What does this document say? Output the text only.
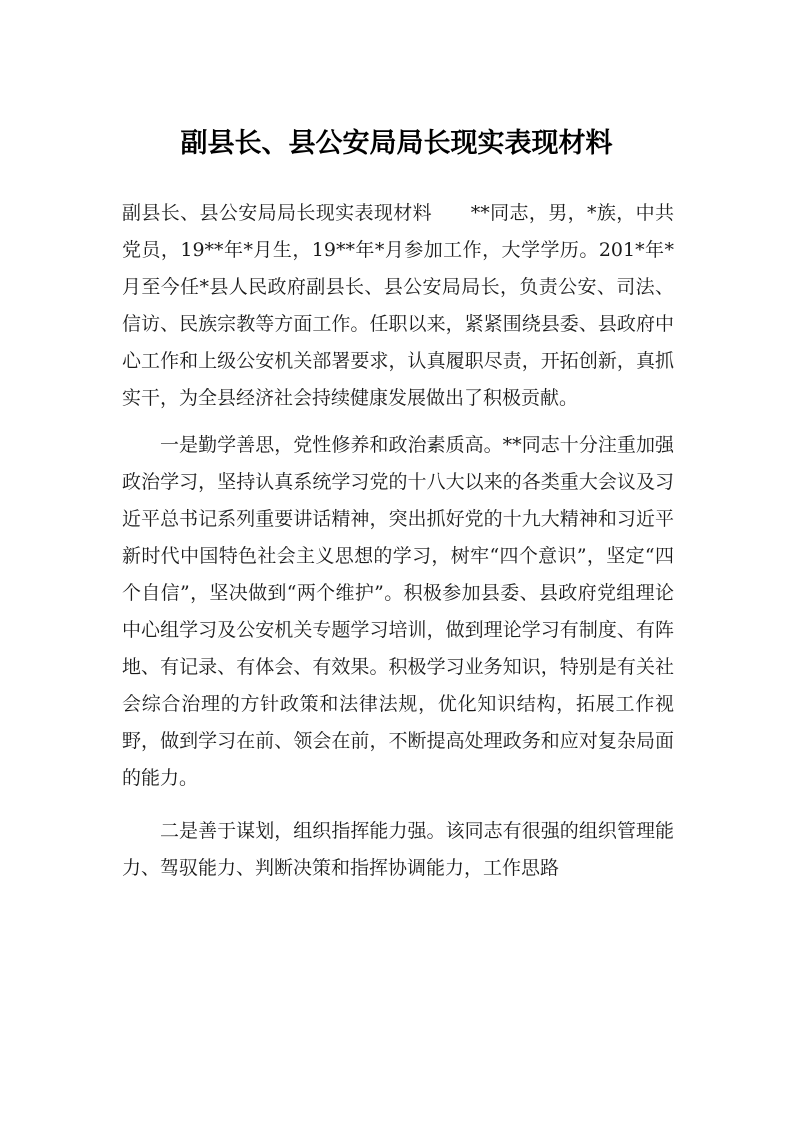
副县长、县公安局局长现实表现材料

副县长、县公安局局长现实表现材料　　**同志，男，*族，中共党员，19**年*月生，19**年*月参加工作，大学学历。201*年*月至今任*县人民政府副县长、县公安局局长，负责公安、司法、信访、民族宗教等方面工作。任职以来，紧紧围绕县委、县政府中心工作和上级公安机关部署要求，认真履职尽责，开拓创新，真抓实干，为全县经济社会持续健康发展做出了积极贡献。

一是勤学善思，党性修养和政治素质高。**同志十分注重加强政治学习，坚持认真系统学习党的十八大以来的各类重大会议及习近平总书记系列重要讲话精神，突出抓好党的十九大精神和习近平新时代中国特色社会主义思想的学习，树牢“四个意识”，坚定“四个自信”，坚决做到“两个维护”。积极参加县委、县政府党组理论中心组学习及公安机关专题学习培训，做到理论学习有制度、有阵地、有记录、有体会、有效果。积极学习业务知识，特别是有关社会综合治理的方针政策和法律法规，优化知识结构，拓展工作视野，做到学习在前、领会在前，不断提高处理政务和应对复杂局面的能力。

二是善于谋划，组织指挥能力强。该同志有很强的组织管理能力、驾驭能力、判断决策和指挥协调能力，工作思路
